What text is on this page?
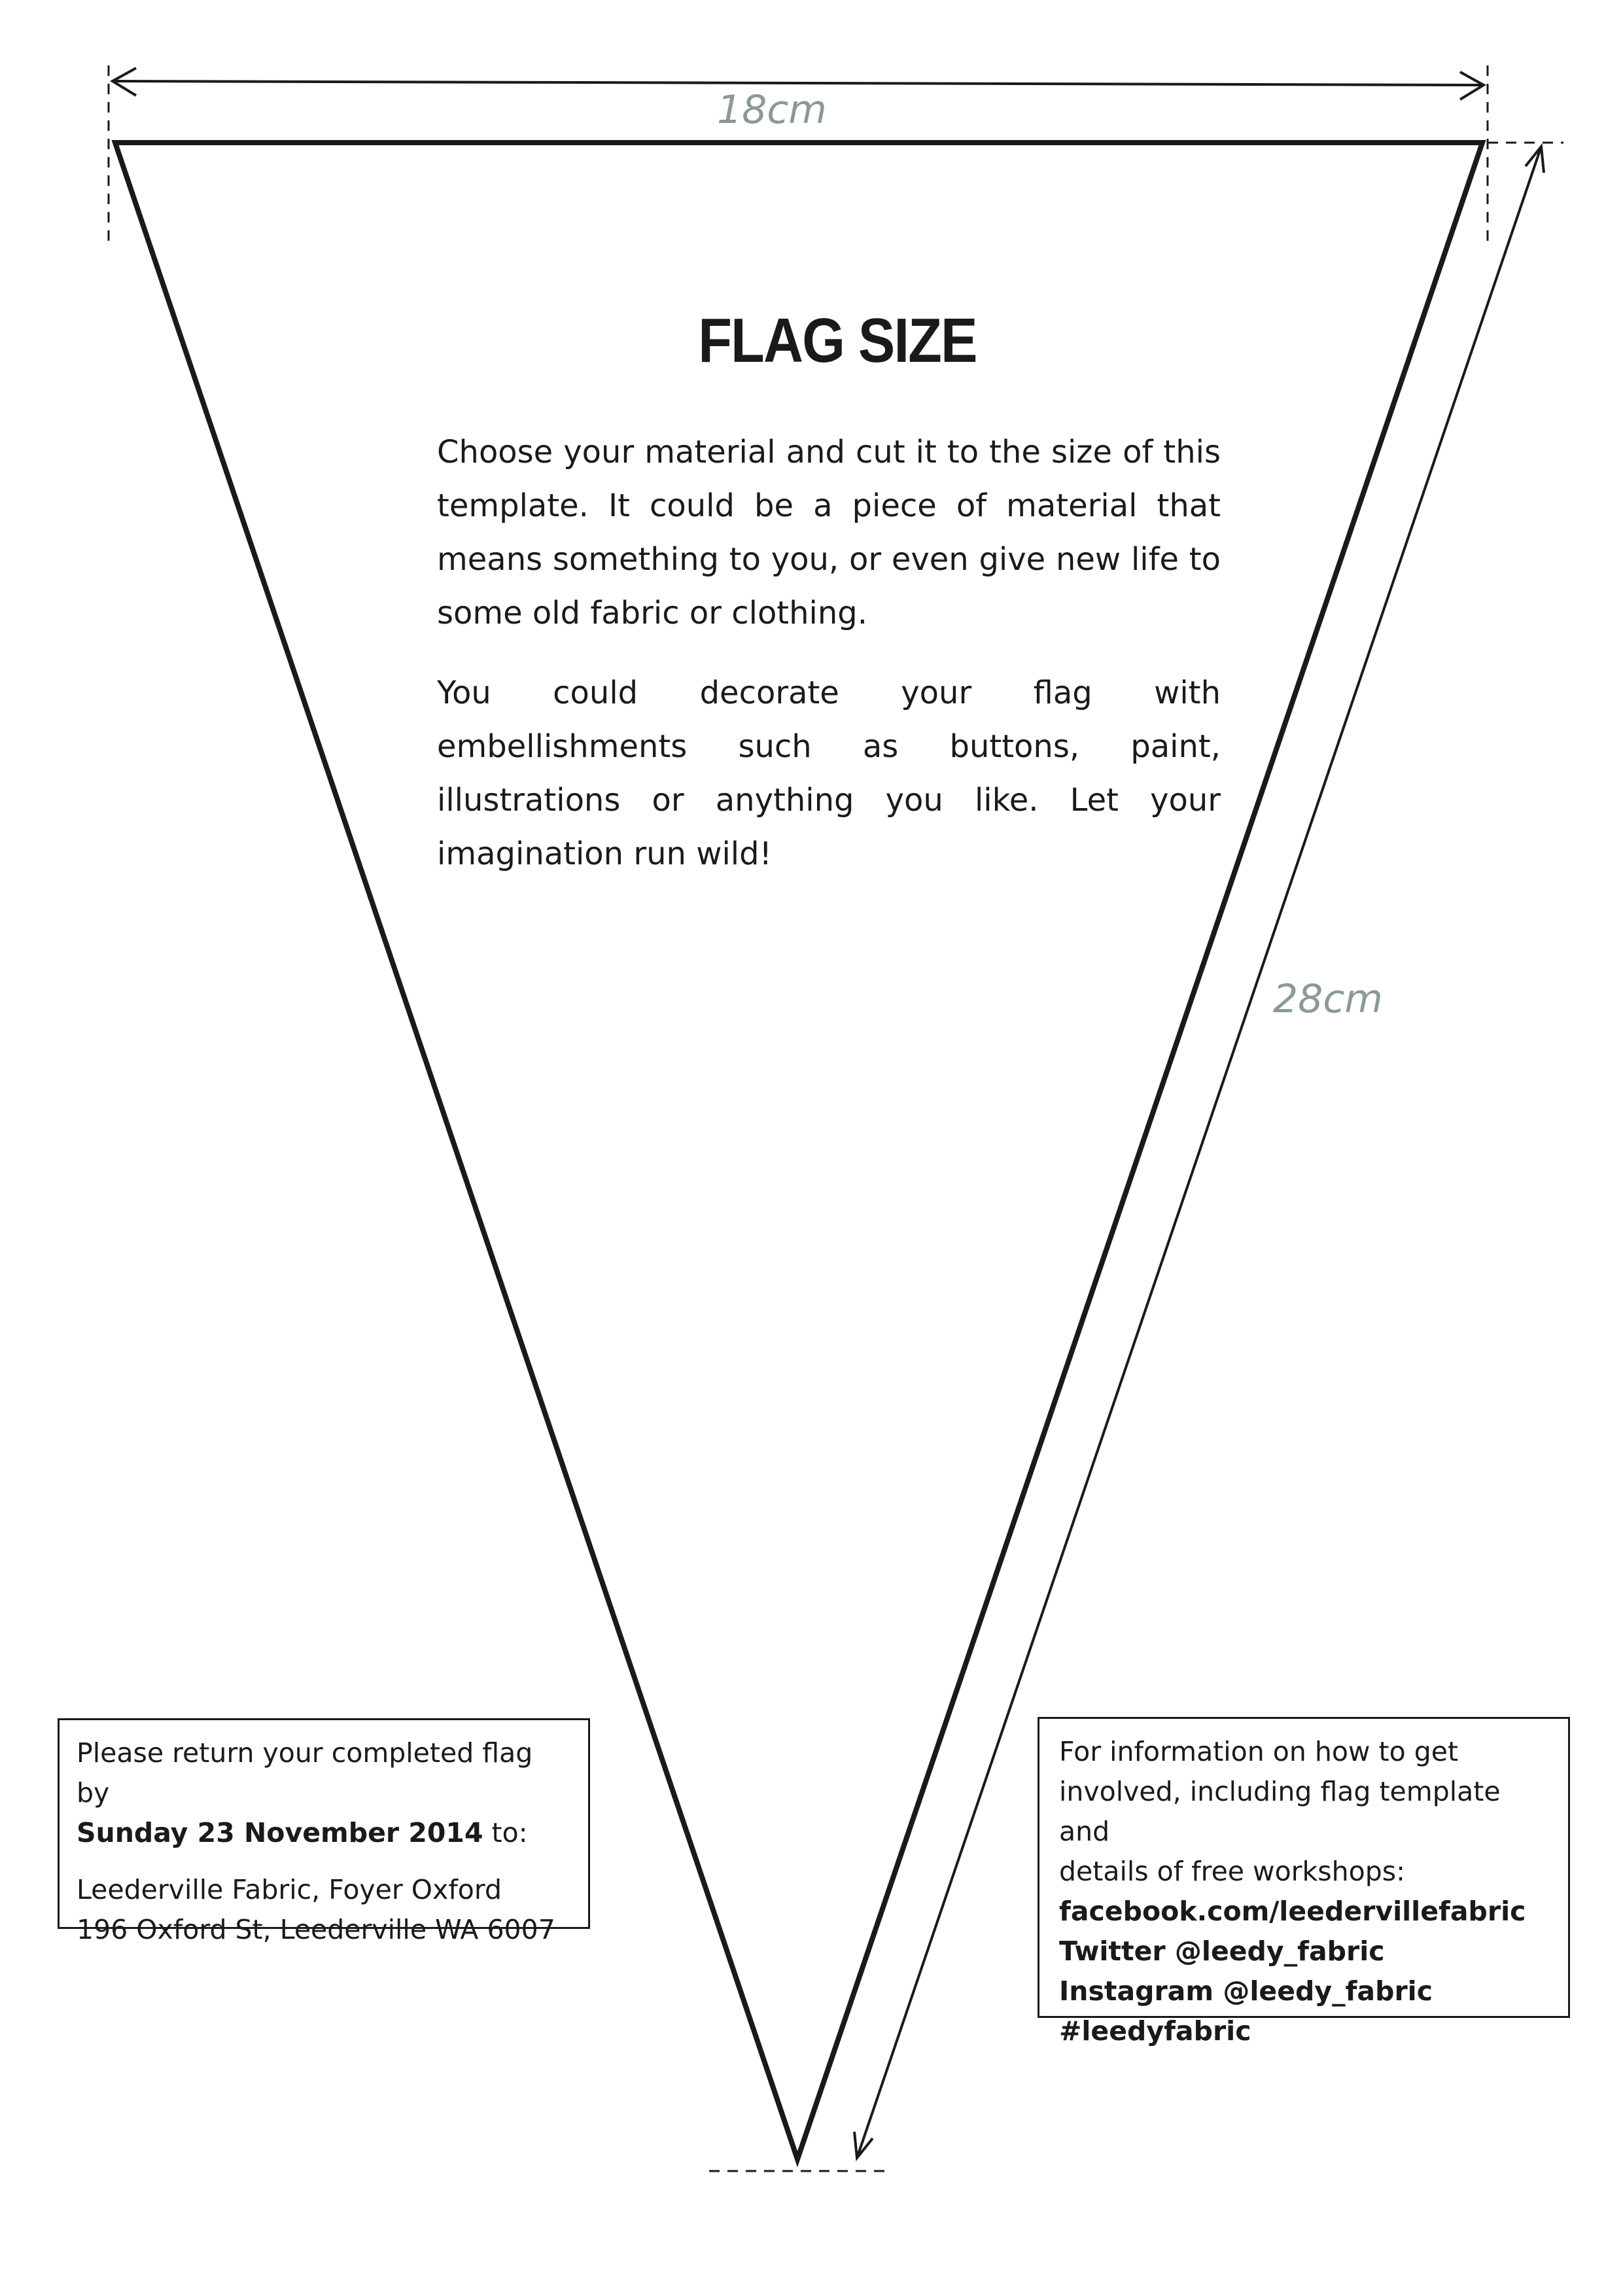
18cm
28cm
FLAG SIZE

Choose your material and cut it to the size of this template. It could be a piece of material that means something to you, or even give new life to some old fabric or clothing.

You could decorate your flag with embellishments such as buttons, paint, illustrations or anything you like. Let your imagination run wild!

Please return your completed flag by

Sunday 23 November 2014 to:

Leederville Fabric, Foyer Oxford

196 Oxford St, Leederville WA 6007

For information on how to get

involved, including flag template and

details of free workshops:

facebook.com/leedervillefabric

Twitter @leedy_fabric

Instagram @leedy_fabric

#leedyfabric
